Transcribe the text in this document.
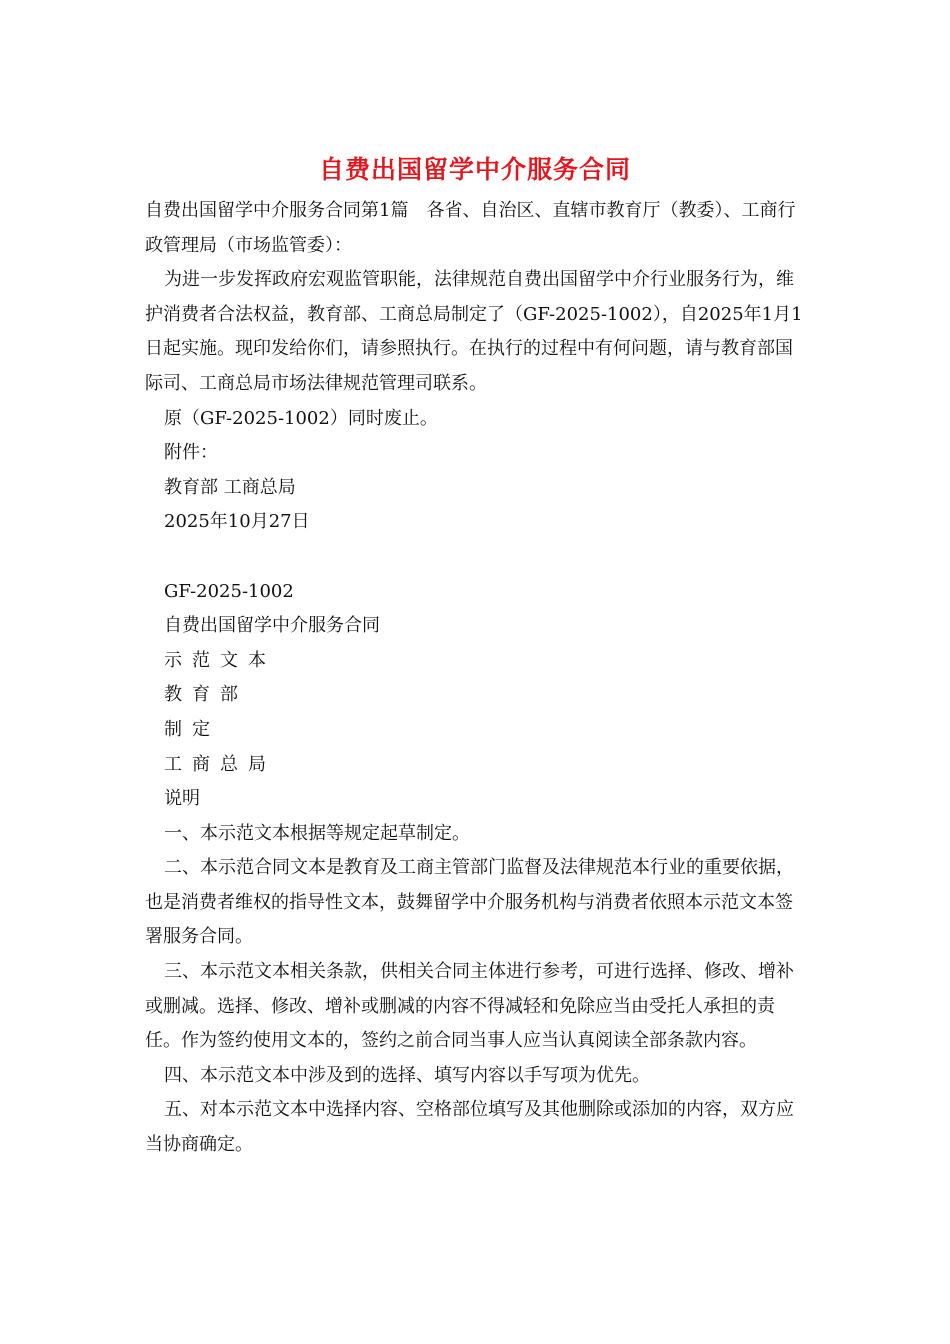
自费出国留学中介服务合同

自费出国留学中介服务合同第1篇　各省、自治区、直辖市教育厅（教委）、工商行政管理局（市场监管委）：

为进一步发挥政府宏观监管职能，法律规范自费出国留学中介行业服务行为，维护消费者合法权益，教育部、工商总局制定了（GF-2025-1002），自2025年1月1日起实施。现印发给你们，请参照执行。在执行的过程中有何问题，请与教育部国际司、工商总局市场法律规范管理司联系。

原（GF-2025-1002）同时废止。

附件：

教育部 工商总局

2025年10月27日

GF-2025-1002

自费出国留学中介服务合同

示范文本

教育部

制定

工商总局

说明

一、本示范文本根据等规定起草制定。

二、本示范合同文本是教育及工商主管部门监督及法律规范本行业的重要依据，也是消费者维权的指导性文本，鼓舞留学中介服务机构与消费者依照本示范文本签署服务合同。

三、本示范文本相关条款，供相关合同主体进行参考，可进行选择、修改、增补或删减。选择、修改、增补或删减的内容不得减轻和免除应当由受托人承担的责任。作为签约使用文本的，签约之前合同当事人应当认真阅读全部条款内容。

四、本示范文本中涉及到的选择、填写内容以手写项为优先。

五、对本示范文本中选择内容、空格部位填写及其他删除或添加的内容，双方应当协商确定。
